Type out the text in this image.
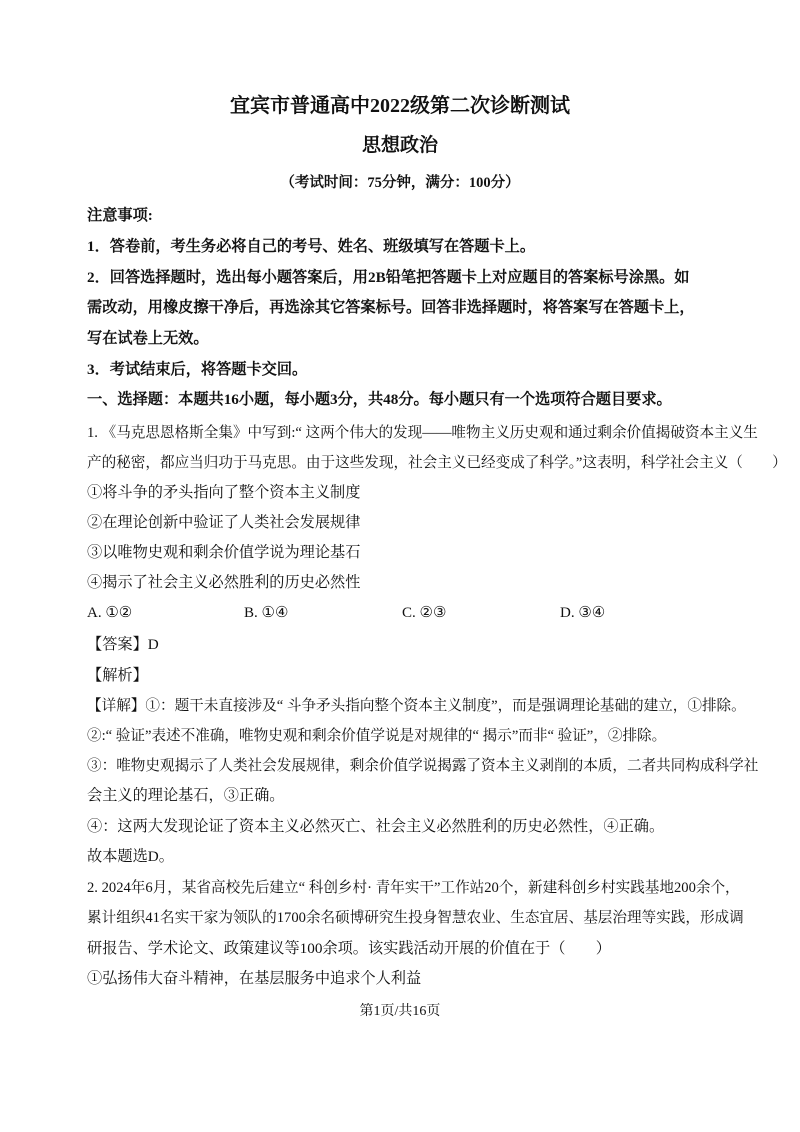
宜宾市普通高中2022级第二次诊断测试
思想政治
（考试时间：75分钟，满分：100分）
注意事项:
1．答卷前，考生务必将自己的考号、姓名、班级填写在答题卡上。
2．回答选择题时，选出每小题答案后，用2B铅笔把答题卡上对应题目的答案标号涂黑。如
需改动，用橡皮擦干净后，再选涂其它答案标号。回答非选择题时，将答案写在答题卡上，
写在试卷上无效。
3．考试结束后，将答题卡交回。
一、选择题：本题共16小题，每小题3分，共48分。每小题只有一个选项符合题目要求。
1. 《马克思恩格斯全集》中写到:“ 这两个伟大的发现——唯物主义历史观和通过剩余价值揭破资本主义生
产的秘密，都应当归功于马克思。由于这些发现，社会主义已经变成了科学。”这表明，科学社会主义（　　）
①将斗争的矛头指向了整个资本主义制度
②在理论创新中验证了人类社会发展规律
③以唯物史观和剩余价值学说为理论基石
④揭示了社会主义必然胜利的历史必然性
A. ①②	B. ①④	C. ②③	D. ③④
【答案】D
【解析】
【详解】①：题干未直接涉及“ 斗争矛头指向整个资本主义制度”，而是强调理论基础的建立，①排除。
②:“ 验证”表述不准确，唯物史观和剩余价值学说是对规律的“ 揭示”而非“ 验证”，②排除。
③：唯物史观揭示了人类社会发展规律，剩余价值学说揭露了资本主义剥削的本质，二者共同构成科学社
会主义的理论基石，③正确。
④：这两大发现论证了资本主义必然灭亡、社会主义必然胜利的历史必然性，④正确。
故本题选D。
2. 2024年6月，某省高校先后建立“ 科创乡村· 青年实干”工作站20个，新建科创乡村实践基地200余个，
累计组织41名实干家为领队的1700余名硕博研究生投身智慧农业、生态宜居、基层治理等实践，形成调
研报告、学术论文、政策建议等100余项。该实践活动开展的价值在于（　　）
①弘扬伟大奋斗精神，在基层服务中追求个人利益
第1页/共16页
